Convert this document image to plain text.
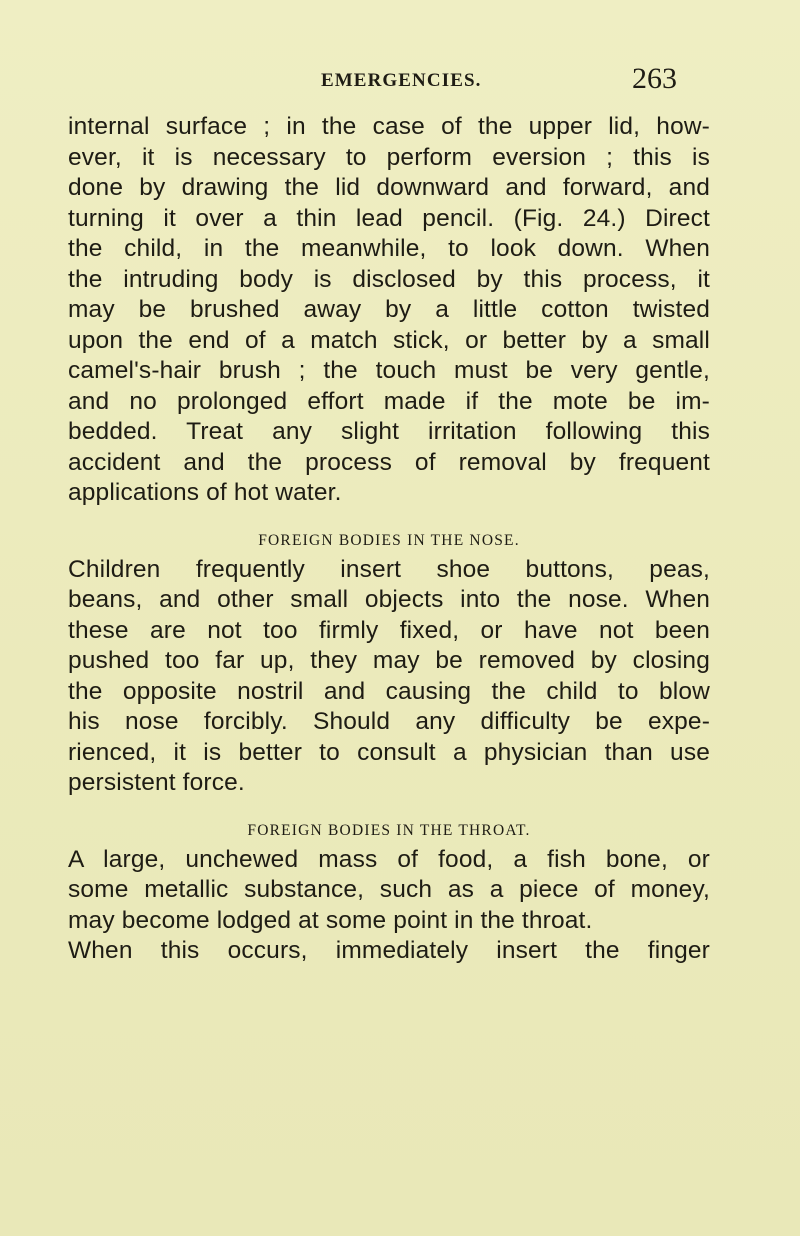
EMERGENCIES.	263
internal surface ; in the case of the upper lid, how-
ever, it is necessary to perform eversion ; this is
done by drawing the lid downward and forward, and
turning it over a thin lead pencil. (Fig. 24.) Direct
the child, in the meanwhile, to look down. When
the intruding body is disclosed by this process, it
may be brushed away by a little cotton twisted
upon the end of a match stick, or better by a small
camel's-hair brush ; the touch must be very gentle,
and no prolonged effort made if the mote be im-
bedded. Treat any slight irritation following this
accident and the process of removal by frequent
applications of hot water.
FOREIGN BODIES IN THE NOSE.
Children frequently insert shoe buttons, peas,
beans, and other small objects into the nose. When
these are not too firmly fixed, or have not been
pushed too far up, they may be removed by closing
the opposite nostril and causing the child to blow
his nose forcibly. Should any difficulty be expe-
rienced, it is better to consult a physician than use
persistent force.
FOREIGN BODIES IN THE THROAT.
A large, unchewed mass of food, a fish bone, or
some metallic substance, such as a piece of money,
may become lodged at some point in the throat.
When this occurs, immediately insert the finger
